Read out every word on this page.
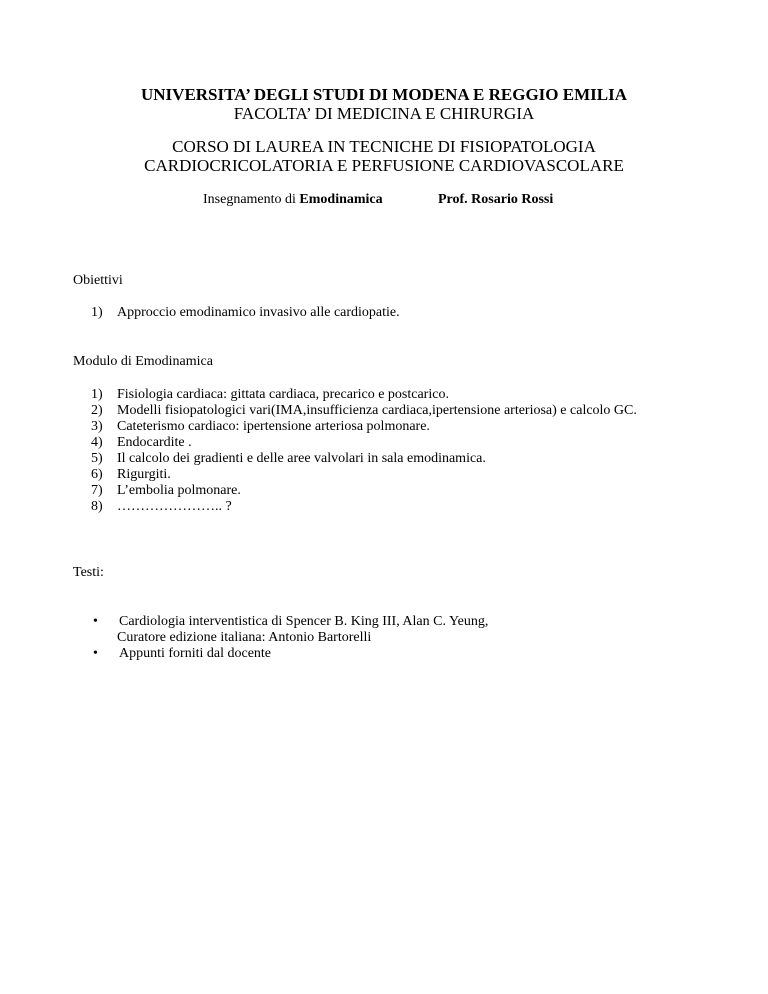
UNIVERSITA’ DEGLI STUDI DI MODENA E REGGIO EMILIA
FACOLTA’ DI MEDICINA E CHIRURGIA
CORSO DI LAUREA IN TECNICHE DI FISIOPATOLOGIA
CARDIOCRICOLATORIA E PERFUSIONE CARDIOVASCOLARE
Insegnamento di Emodinamica	Prof. Rosario Rossi
Obiettivi
1) Approccio emodinamico invasivo alle cardiopatie.
Modulo di Emodinamica
1) Fisiologia cardiaca: gittata cardiaca, precarico e postcarico.
2) Modelli fisiopatologici vari(IMA,insufficienza cardiaca,ipertensione arteriosa) e calcolo GC.
3) Cateterismo cardiaco: ipertensione arteriosa polmonare.
4) Endocardite .
5) Il calcolo dei gradienti e delle aree valvolari in sala emodinamica.
6) Rigurgiti.
7) L’embolia polmonare.
8) ………………….. ?
Testi:
• Cardiologia interventistica di Spencer B. King III, Alan C. Yeung,
Curatore edizione italiana: Antonio Bartorelli
• Appunti forniti dal docente
